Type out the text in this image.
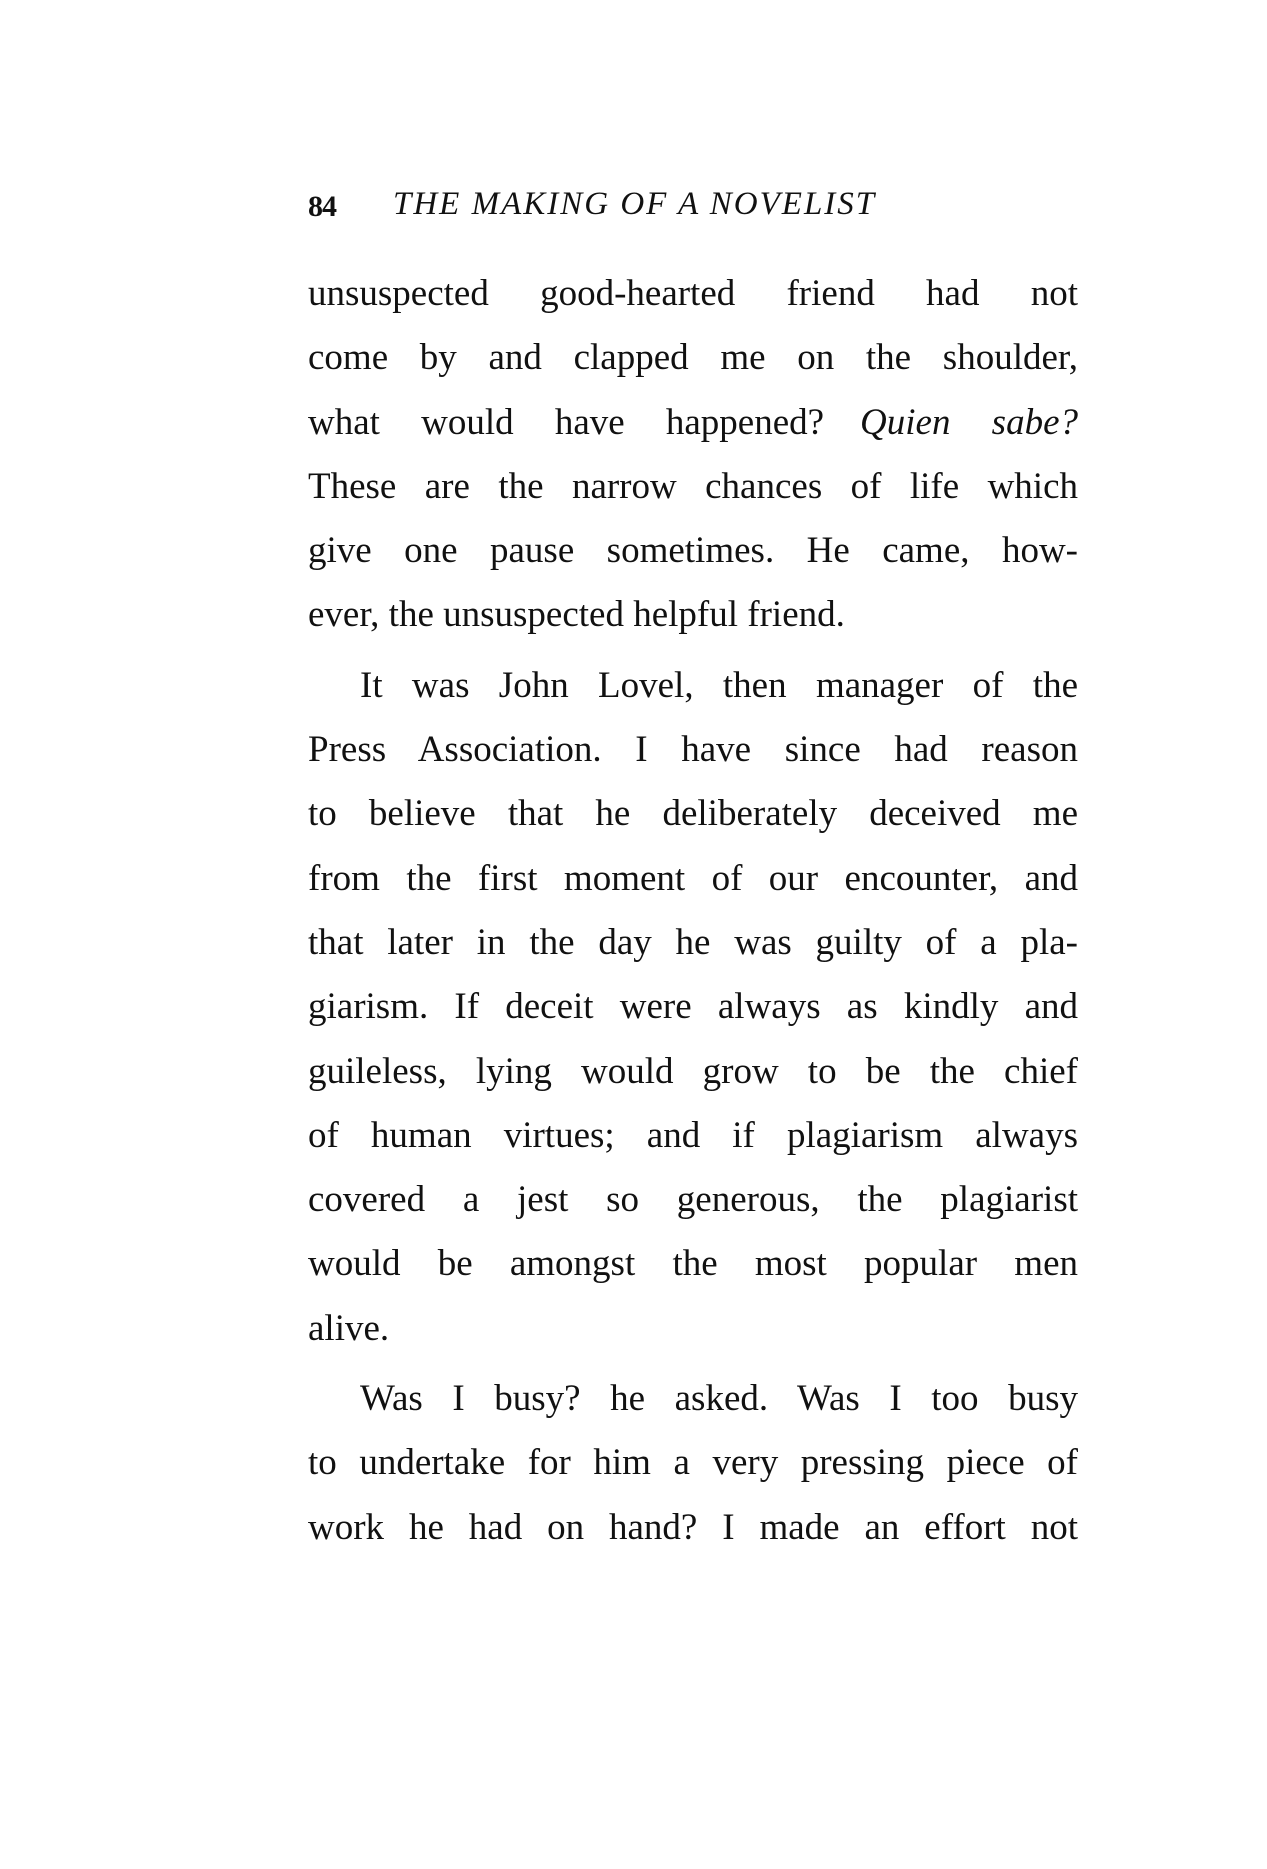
84 THE MAKING OF A NOVELIST
unsuspected good-hearted friend had not
come by and clapped me on the shoulder,
what would have happened? Quien sabe?
These are the narrow chances of life which
give one pause sometimes. He came, how-
ever, the unsuspected helpful friend.
It was John Lovel, then manager of the
Press Association. I have since had reason
to believe that he deliberately deceived me
from the first moment of our encounter, and
that later in the day he was guilty of a pla-
giarism. If deceit were always as kindly and
guileless, lying would grow to be the chief
of human virtues; and if plagiarism always
covered a jest so generous, the plagiarist
would be amongst the most popular men
alive.
Was I busy? he asked. Was I too busy
to undertake for him a very pressing piece of
work he had on hand? I made an effort not
